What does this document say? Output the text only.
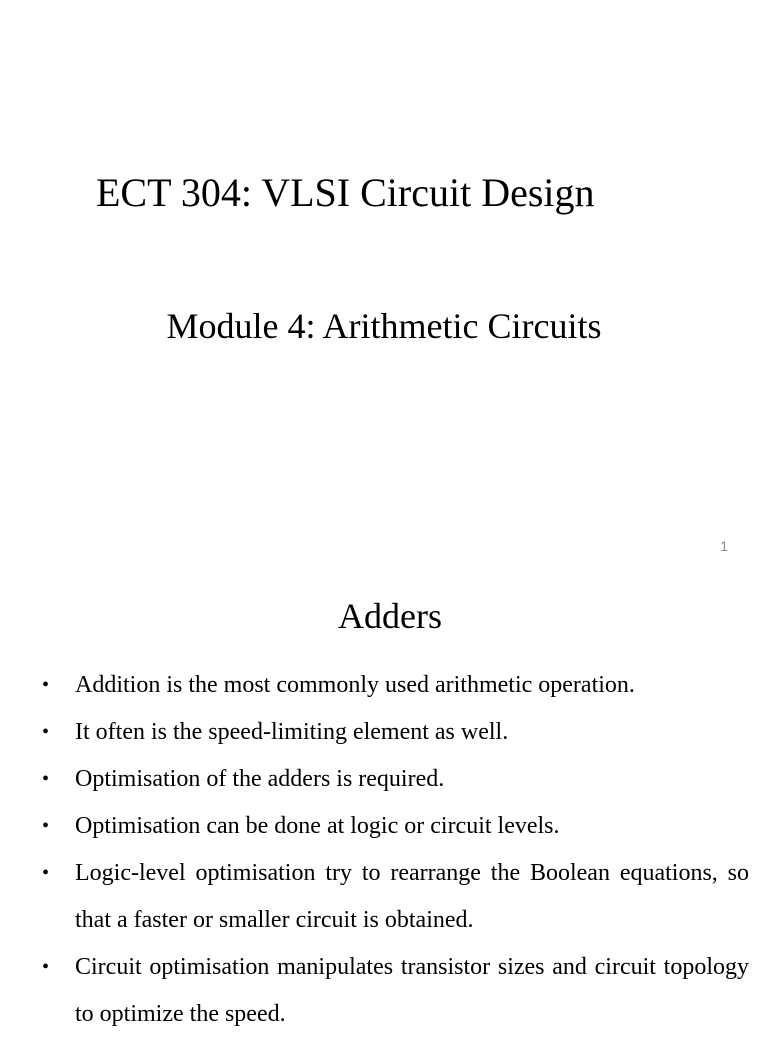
ECT 304: VLSI Circuit Design
Module 4: Arithmetic Circuits
1
Adders
• Addition is the most commonly used arithmetic operation.
• It often is the speed-limiting element as well.
• Optimisation of the adders is required.
• Optimisation can be done at logic or circuit levels.
• Logic-level optimisation try to rearrange the Boolean equations, so that a faster or smaller circuit is obtained.
• Circuit optimisation manipulates transistor sizes and circuit topology to optimize the speed.
